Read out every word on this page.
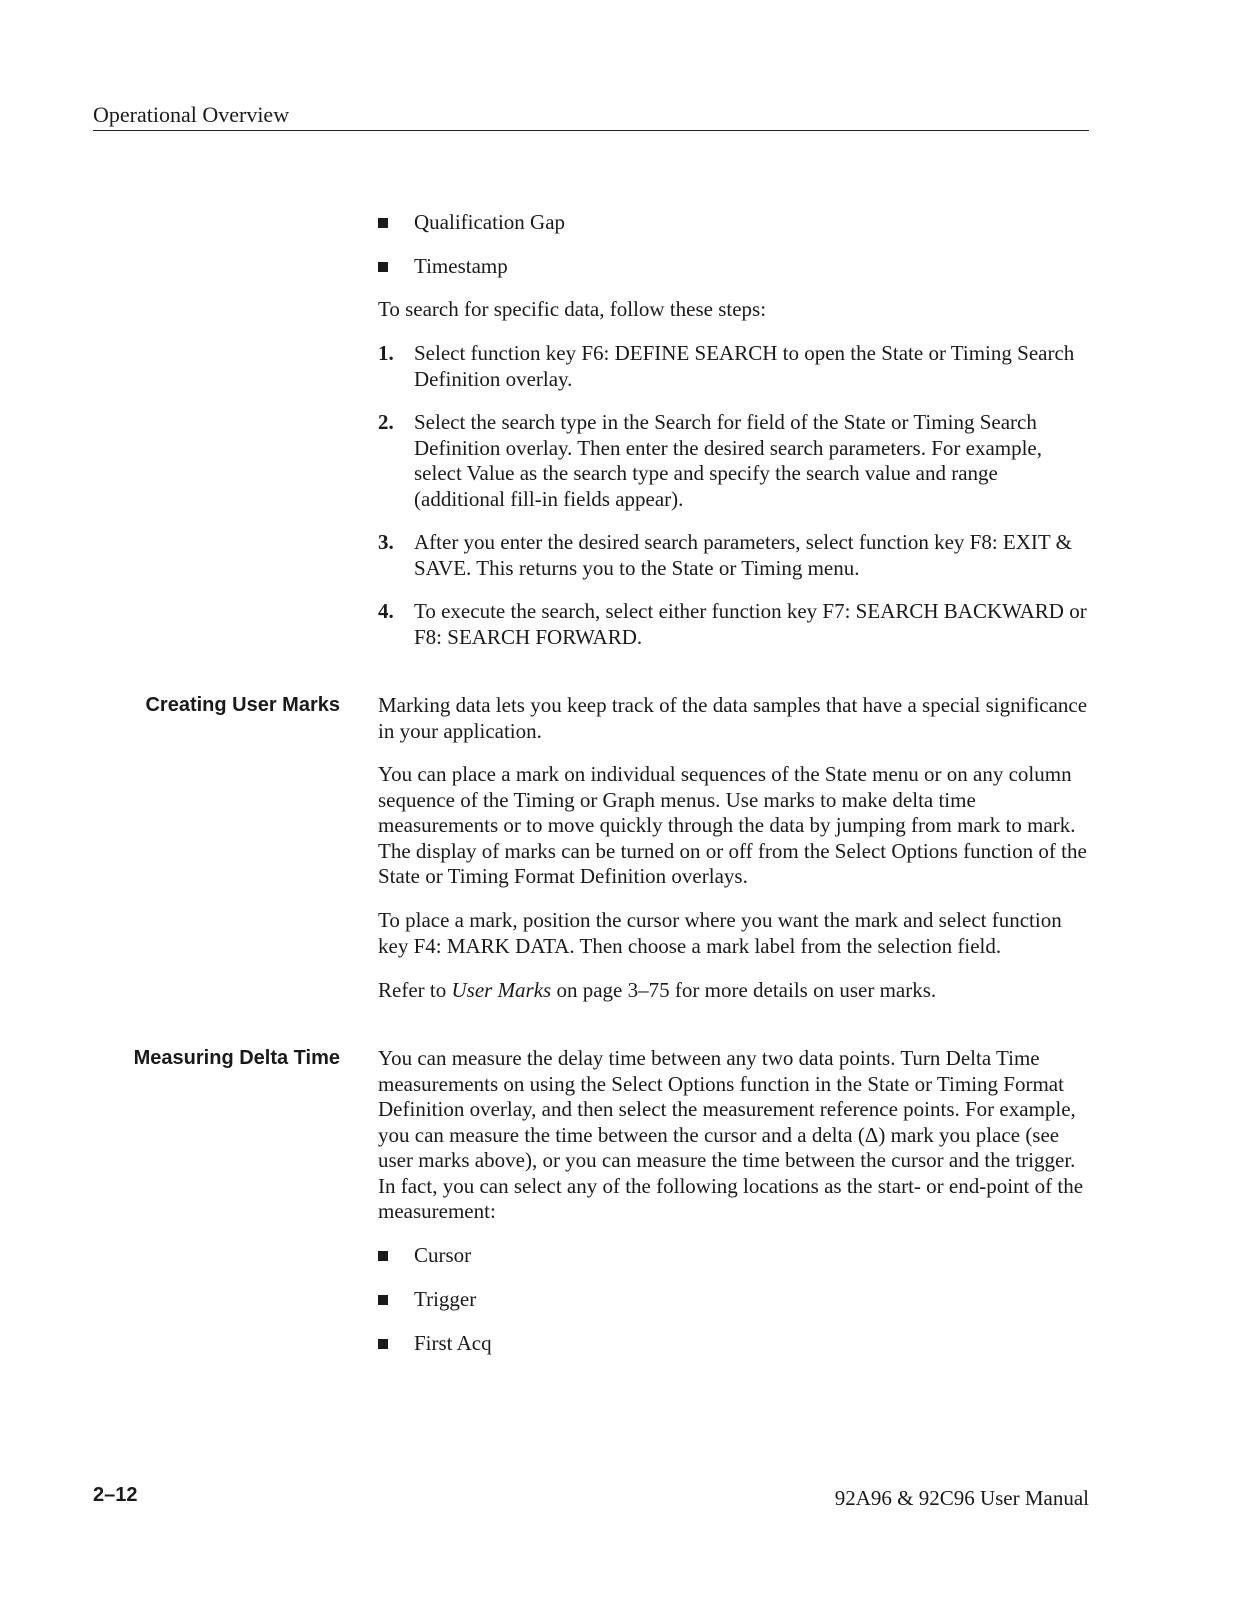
Operational Overview
Qualification Gap
Timestamp

To search for specific data, follow these steps:

1. Select function key F6: DEFINE SEARCH to open the State or Timing Search Definition overlay.
2. Select the search type in the Search for field of the State or Timing Search Definition overlay. Then enter the desired search parameters. For example, select Value as the search type and specify the search value and range (additional fill-in fields appear).
3. After you enter the desired search parameters, select function key F8: EXIT & SAVE. This returns you to the State or Timing menu.
4. To execute the search, select either function key F7: SEARCH BACKWARD or F8: SEARCH FORWARD.
Creating User Marks Marking data lets you keep track of the data samples that have a special significance in your application.

You can place a mark on individual sequences of the State menu or on any column sequence of the Timing or Graph menus. Use marks to make delta time measurements or to move quickly through the data by jumping from mark to mark. The display of marks can be turned on or off from the Select Options function of the State or Timing Format Definition overlays.

To place a mark, position the cursor where you want the mark and select function key F4: MARK DATA. Then choose a mark label from the selection field.

Refer to User Marks on page 3–75 for more details on user marks.

Measuring Delta Time You can measure the delay time between any two data points. Turn Delta Time measurements on using the Select Options function in the State or Timing Format Definition overlay, and then select the measurement reference points. For example, you can measure the time between the cursor and a delta (Δ) mark you place (see user marks above), or you can measure the time between the cursor and the trigger. In fact, you can select any of the following locations as the start- or end-point of the measurement:

Cursor
Trigger
First Acq
2–12	92A96 & 92C96 User Manual
